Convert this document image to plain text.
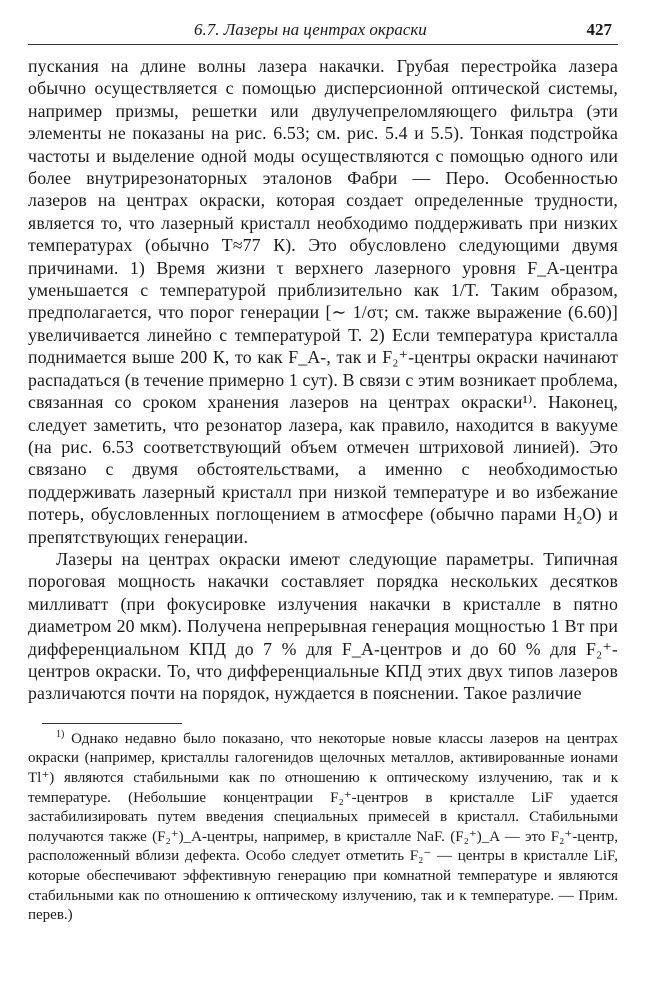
6.7. Лазеры на центрах окраски	427

пускания на длине волны лазера накачки. Грубая перестройка лазера обычно осуществляется с помощью дисперсионной оптической системы, например призмы, решетки или двулучепреломляющего фильтра (эти элементы не показаны на рис. 6.53; см. рис. 5.4 и 5.5). Тонкая подстройка частоты и выделение одной моды осуществляются с помощью одного или более внутрирезонаторных эталонов Фабри — Перо. Особенностью лазеров на центрах окраски, которая создает определенные трудности, является то, что лазерный кристалл необходимо поддерживать при низких температурах (обычно T≈77 К). Это обусловлено следующими двумя причинами. 1) Время жизни τ верхнего лазерного уровня F_A-центра уменьшается с температурой приблизительно как 1/T. Таким образом, предполагается, что порог генерации [∼ 1/στ; см. также выражение (6.60)] увеличивается линейно с температурой T. 2) Если температура кристалла поднимается выше 200 К, то как F_A-, так и F₂⁺-центры окраски начинают распадаться (в течение примерно 1 сут). В связи с этим возникает проблема, связанная со сроком хранения лазеров на центрах окраски¹⁾. Наконец, следует заметить, что резонатор лазера, как правило, находится в вакууме (на рис. 6.53 соответствующий объем отмечен штриховой линией). Это связано с двумя обстоятельствами, а именно с необходимостью поддерживать лазерный кристалл при низкой температуре и во избежание потерь, обусловленных поглощением в атмосфере (обычно парами H₂O) и препятствующих генерации.

Лазеры на центрах окраски имеют следующие параметры. Типичная пороговая мощность накачки составляет порядка нескольких десятков милливатт (при фокусировке излучения накачки в кристалле в пятно диаметром 20 мкм). Получена непрерывная генерация мощностью 1 Вт при дифференциальном КПД до 7 % для F_A-центров и до 60 % для F₂⁺-центров окраски. То, что дифференциальные КПД этих двух типов лазеров различаются почти на порядок, нуждается в пояснении. Такое различие

$^{1)}$ Однако недавно было показано, что некоторые новые классы лазеров на центрах окраски (например, кристаллы галогенидов щелочных металлов, активированные ионами Tl⁺) являются стабильными как по отношению к оптическому излучению, так и к температуре. (Небольшие концентрации F₂⁺-центров в кристалле LiF удается застабилизировать путем введения специальных примесей в кристалл. Стабильными получаются также (F₂⁺)_A-центры, например, в кристалле NaF. (F₂⁺)_A — это F₂⁺-центр, расположенный вблизи дефекта. Особо следует отметить F₂⁻ — центры в кристалле LiF, которые обеспечивают эффективную генерацию при комнатной температуре и являются стабильными как по отношению к оптическому излучению, так и к температуре. — Прим. перев.)
